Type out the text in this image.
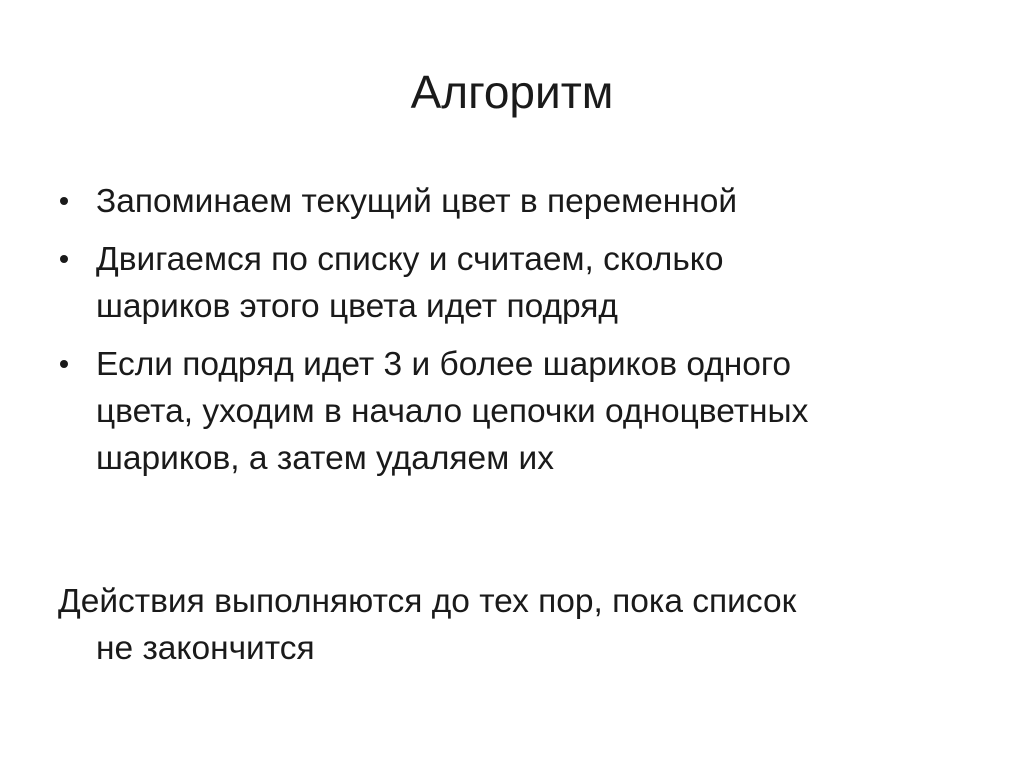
Алгоритм
Запоминаем текущий цвет в переменной
Двигаемся по списку и считаем, сколько
шариков этого цвета идет подряд
Если подряд идет 3 и более шариков одного
цвета, уходим в начало цепочки одноцветных
шариков, а затем удаляем их

Действия выполняются до тех пор, пока список
не закончится
